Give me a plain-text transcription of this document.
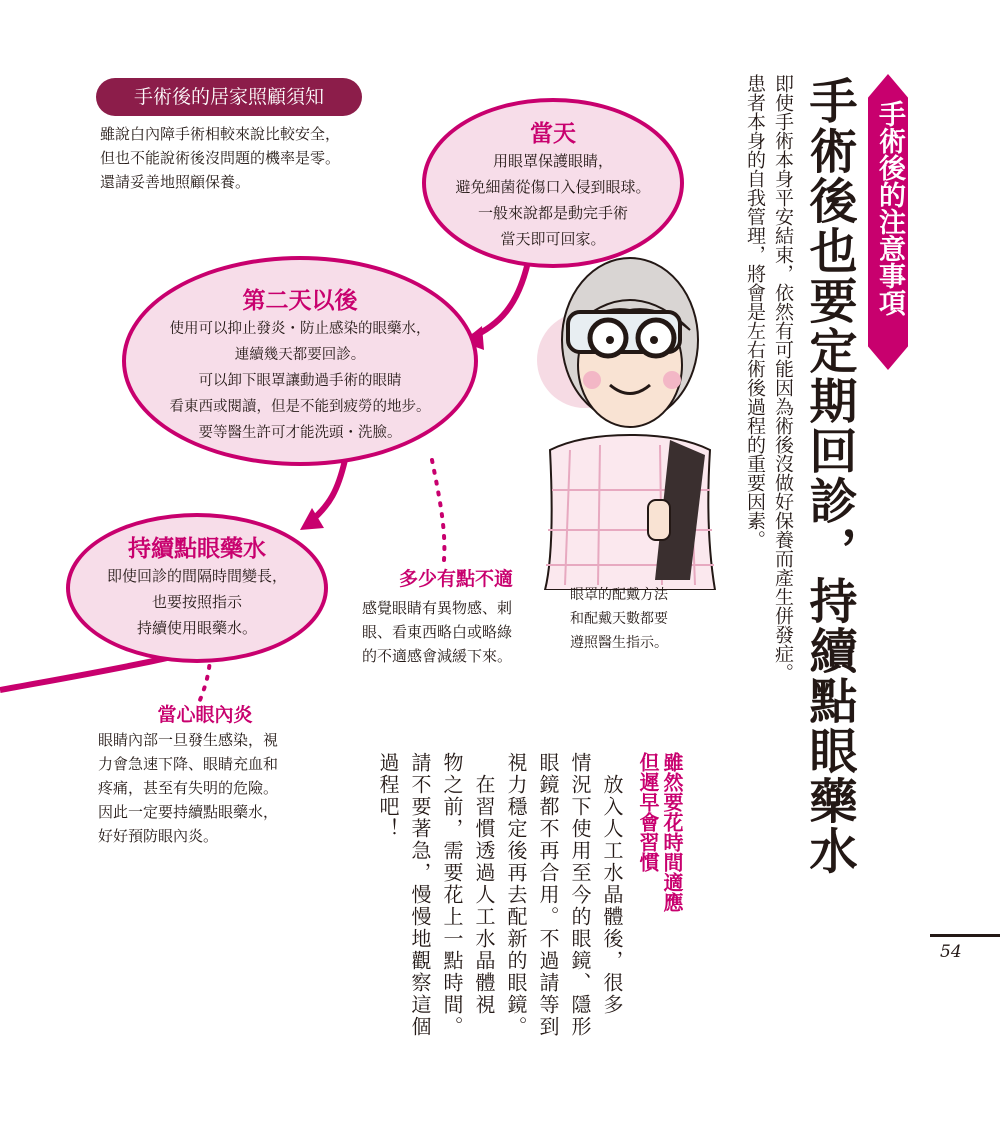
手術後的居家照顧須知
雖說白內障手術相較來說比較安全，
但也不能說術後沒問題的機率是零。
還請妥善地照顧保養。
當天
用眼罩保護眼睛，
避免細菌從傷口入侵到眼球。
一般來說都是動完手術
當天即可回家。
第二天以後
使用可以抑止發炎・防止感染的眼藥水，
連續幾天都要回診。
可以卸下眼罩讓動過手術的眼睛
看東西或閱讀，但是不能到疲勞的地步。
要等醫生許可才能洗頭・洗臉。
持續點眼藥水
即使回診的間隔時間變長，
也要按照指示
持續使用眼藥水。
多少有點不適
感覺眼睛有異物感、刺
眼、看東西略白或略綠
的不適感會減緩下來。
當心眼內炎
眼睛內部一旦發生感染，視
力會急速下降、眼睛充血和
疼痛，甚至有失明的危險。
因此一定要持續點眼藥水，
好好預防眼內炎。
眼罩的配戴方法
和配戴天數都要
遵照醫生指示。
手術後的注意事項
手術後也要定期回診，持續點眼藥水
即使手術本身平安結束，依然有可能因為術後沒做好保養而產生併發症。
患者本身的自我管理，將會是左右術後過程的重要因素。
54
雖然要花時間適應
但遲早會習慣
　放入人工水晶體後，很多
情況下使用至今的眼鏡、隱形
眼鏡都不再合用。不過請等到
視力穩定後再去配新的眼鏡。
　在習慣透過人工水晶體視
物之前，需要花上一點時間。
請不要著急，慢慢地觀察這個
過程吧！
